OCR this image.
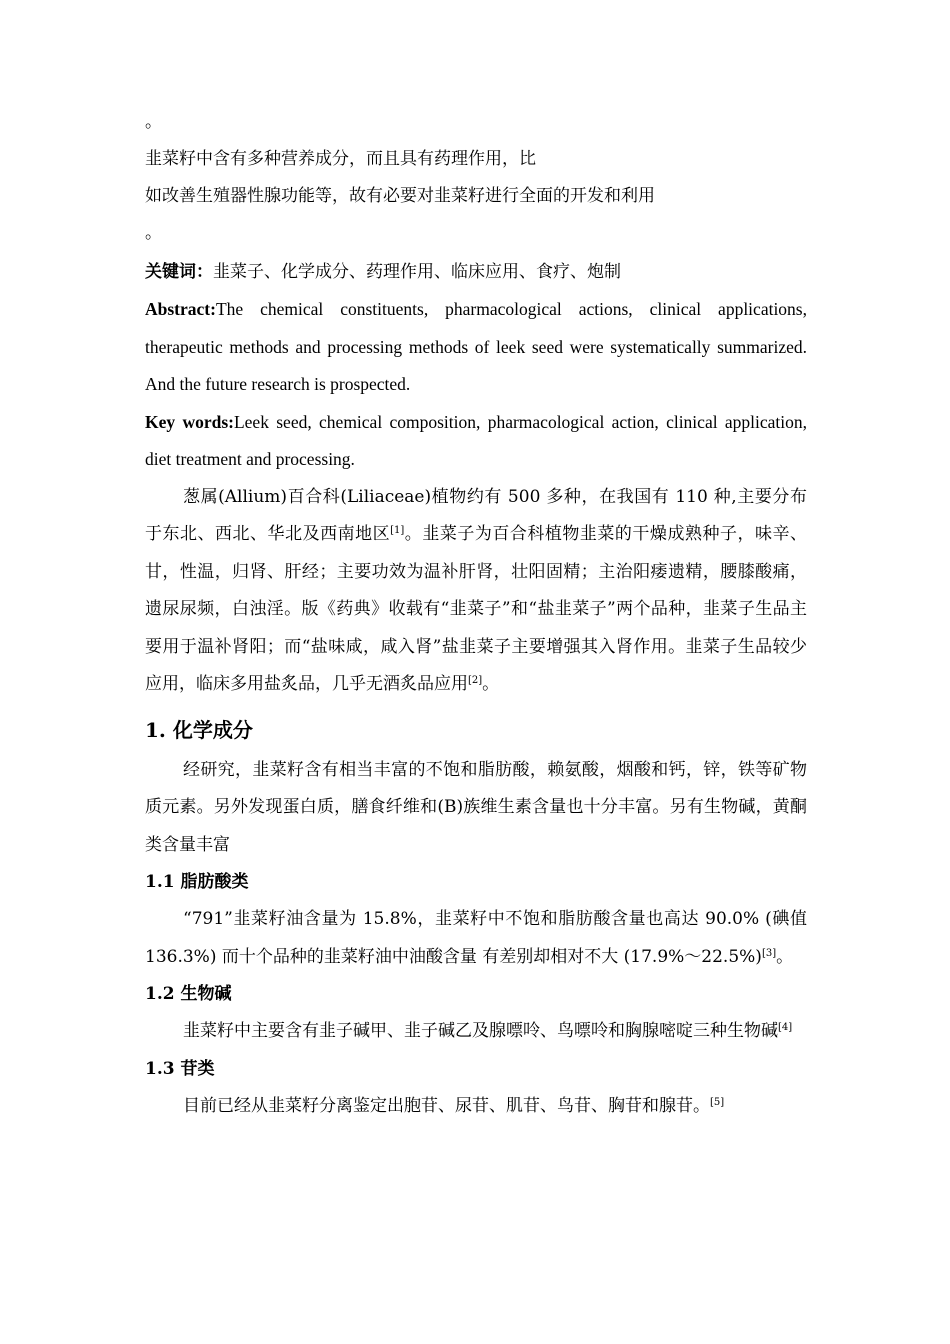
。
韭菜籽中含有多种营养成分，而且具有药理作用，比
如改善生殖器性腺功能等，故有必要对韭菜籽进行全面的开发和利用
。
关键词：韭菜子、化学成分、药理作用、临床应用、食疗、炮制
Abstract:The chemical constituents, pharmacological actions, clinical applications, therapeutic methods and processing methods of leek seed were systematically summarized. And the future research is prospected.
Key words:Leek seed, chemical composition, pharmacological action, clinical application, diet treatment and processing.
葱属(Allium)百合科(Liliaceae)植物约有 500 多种，在我国有 110 种,主要分布于东北、西北、华北及西南地区[1]。韭菜子为百合科植物韭菜的干燥成熟种子，味辛、甘，性温，归肾、肝经；主要功效为温补肝肾，壮阳固精；主治阳痿遗精，腰膝酸痛，遗尿尿频，白浊淫。版《药典》收载有“韭菜子”和“盐韭菜子”两个品种，韭菜子生品主要用于温补肾阳；而“盐味咸，咸入肾”盐韭菜子主要增强其入肾作用。韭菜子生品较少应用，临床多用盐炙品，几乎无酒炙品应用[2]。
1. 化学成分
经研究，韭菜籽含有相当丰富的不饱和脂肪酸，赖氨酸，烟酸和钙，锌，铁等矿物质元素。另外发现蛋白质，膳食纤维和(B)族维生素含量也十分丰富。另有生物碱，黄酮类含量丰富
1.1 脂肪酸类
“791”韭菜籽油含量为 15.8%，韭菜籽中不饱和脂肪酸含量也高达 90.0% (碘值 136.3%) 而十个品种的韭菜籽油中油酸含量 有差别却相对不大 (17.9%～22.5%)[3]。
1.2 生物碱
韭菜籽中主要含有韭子碱甲、韭子碱乙及腺嘌呤、鸟嘌呤和胸腺嘧啶三种生物碱[4]
1.3 苷类
目前已经从韭菜籽分离鉴定出胞苷、尿苷、肌苷、鸟苷、胸苷和腺苷。[5]
